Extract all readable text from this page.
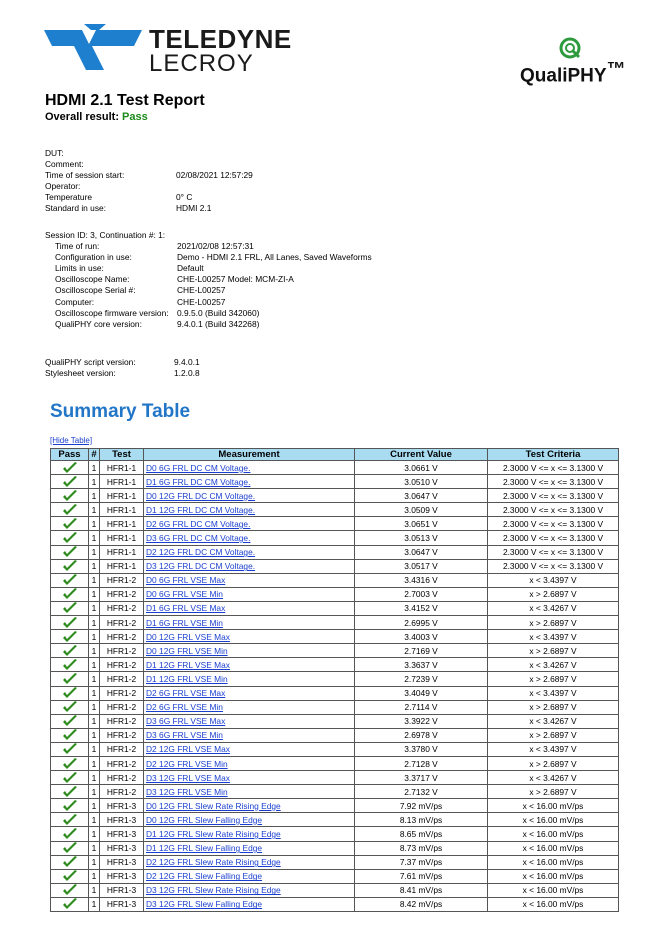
TELEDYNE
LECROY	QualiPHY™
HDMI 2.1 Test Report
Overall result: Pass
DUT:
Comment:
Time of session start:	02/08/2021 12:57:29
Operator:
Temperature	0° C
Standard in use:	HDMI 2.1
Session ID: 3, Continuation #: 1:
Time of run:	2021/02/08 12:57:31
Configuration in use:	Demo - HDMI 2.1 FRL, All Lanes, Saved Waveforms
Limits in use:	Default
Oscilloscope Name:	CHE-L00257 Model: MCM-ZI-A
Oscilloscope Serial #:	CHE-L00257
Computer:	CHE-L00257
Oscilloscope firmware version: 0.9.5.0 (Build 342060)
QualiPHY core version:	9.4.0.1 (Build 342268)
QualiPHY script version:	9.4.0.1
Stylesheet version:	1.2.0.8
Summary Table
[Hide Table]
Pass	#	Test	Measurement	Current Value	Test Criteria

	1	HFR1-1	D0 6G FRL DC CM Voltage.	3.0661 V	2.3000 V <= x <= 3.1300 V

	1	HFR1-1	D1 6G FRL DC CM Voltage.	3.0510 V	2.3000 V <= x <= 3.1300 V

	1	HFR1-1	D0 12G FRL DC CM Voltage.	3.0647 V	2.3000 V <= x <= 3.1300 V

	1	HFR1-1	D1 12G FRL DC CM Voltage.	3.0509 V	2.3000 V <= x <= 3.1300 V

	1	HFR1-1	D2 6G FRL DC CM Voltage.	3.0651 V	2.3000 V <= x <= 3.1300 V

	1	HFR1-1	D3 6G FRL DC CM Voltage.	3.0513 V	2.3000 V <= x <= 3.1300 V

	1	HFR1-1	D2 12G FRL DC CM Voltage.	3.0647 V	2.3000 V <= x <= 3.1300 V

	1	HFR1-1	D3 12G FRL DC CM Voltage.	3.0517 V	2.3000 V <= x <= 3.1300 V

	1	HFR1-2	D0 6G FRL VSE Max	3.4316 V	x < 3.4397 V

	1	HFR1-2	D0 6G FRL VSE Min	2.7003 V	x > 2.6897 V

	1	HFR1-2	D1 6G FRL VSE Max	3.4152 V	x < 3.4267 V

	1	HFR1-2	D1 6G FRL VSE Min	2.6995 V	x > 2.6897 V

	1	HFR1-2	D0 12G FRL VSE Max	3.4003 V	x < 3.4397 V

	1	HFR1-2	D0 12G FRL VSE Min	2.7169 V	x > 2.6897 V

	1	HFR1-2	D1 12G FRL VSE Max	3.3637 V	x < 3.4267 V

	1	HFR1-2	D1 12G FRL VSE Min	2.7239 V	x > 2.6897 V

	1	HFR1-2	D2 6G FRL VSE Max	3.4049 V	x < 3.4397 V

	1	HFR1-2	D2 6G FRL VSE Min	2.7114 V	x > 2.6897 V

	1	HFR1-2	D3 6G FRL VSE Max	3.3922 V	x < 3.4267 V

	1	HFR1-2	D3 6G FRL VSE Min	2.6978 V	x > 2.6897 V

	1	HFR1-2	D2 12G FRL VSE Max	3.3780 V	x < 3.4397 V

	1	HFR1-2	D2 12G FRL VSE Min	2.7128 V	x > 2.6897 V

	1	HFR1-2	D3 12G FRL VSE Max	3.3717 V	x < 3.4267 V

	1	HFR1-2	D3 12G FRL VSE Min	2.7132 V	x > 2.6897 V

	1	HFR1-3	D0 12G FRL Slew Rate Rising Edge	7.92 mV/ps	x < 16.00 mV/ps

	1	HFR1-3	D0 12G FRL Slew Falling Edge	8.13 mV/ps	x < 16.00 mV/ps

	1	HFR1-3	D1 12G FRL Slew Rate Rising Edge	8.65 mV/ps	x < 16.00 mV/ps

	1	HFR1-3	D1 12G FRL Slew Falling Edge	8.73 mV/ps	x < 16.00 mV/ps

	1	HFR1-3	D2 12G FRL Slew Rate Rising Edge	7.37 mV/ps	x < 16.00 mV/ps

	1	HFR1-3	D2 12G FRL Slew Falling Edge	7.61 mV/ps	x < 16.00 mV/ps

	1	HFR1-3	D3 12G FRL Slew Rate Rising Edge	8.41 mV/ps	x < 16.00 mV/ps

	1	HFR1-3	D3 12G FRL Slew Falling Edge	8.42 mV/ps	x < 16.00 mV/ps
